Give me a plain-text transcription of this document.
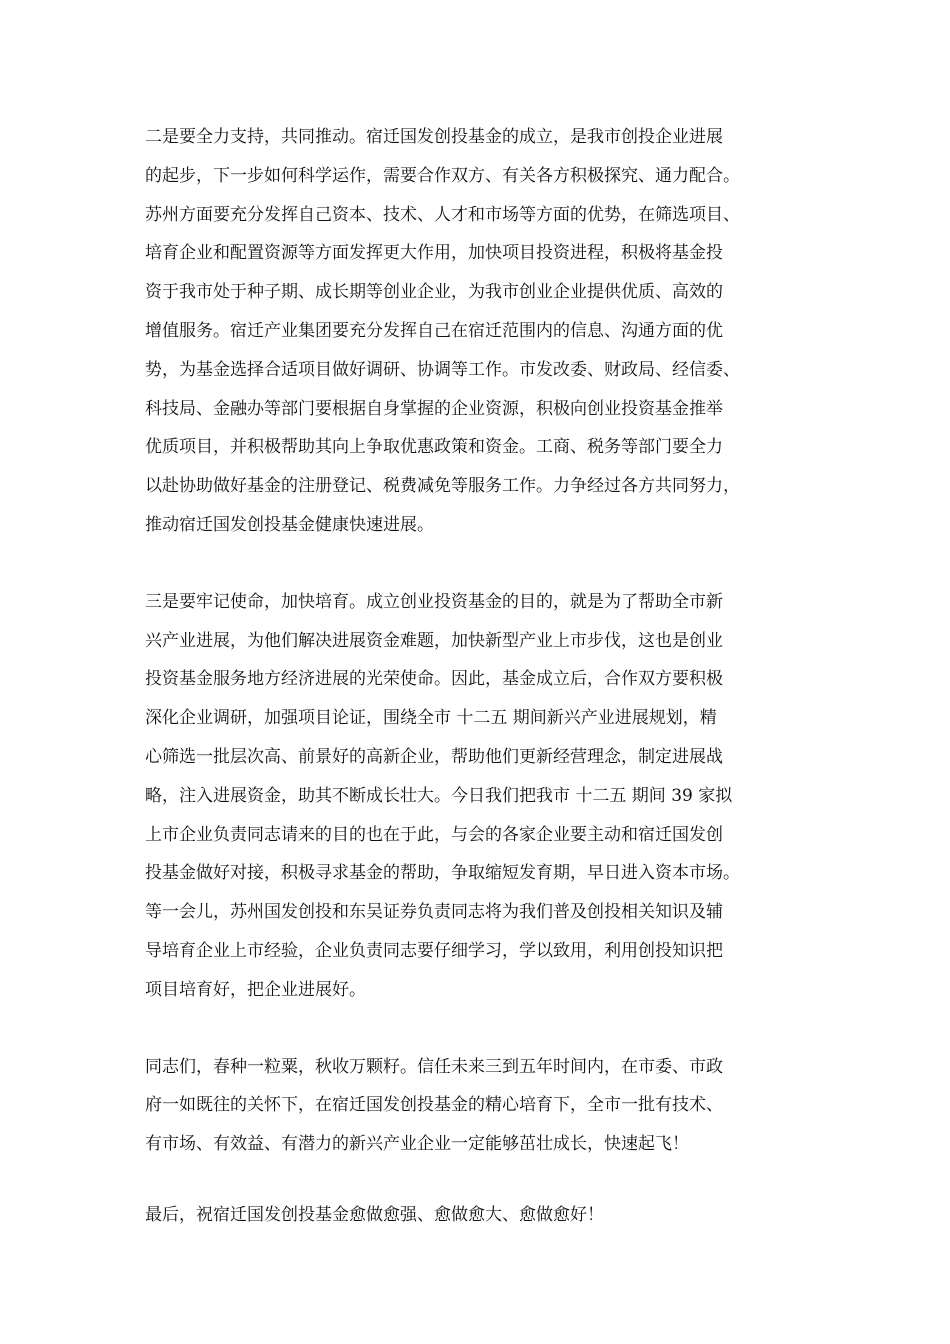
二是要全力支持，共同推动。宿迁国发创投基金的成立，是我市创投企业进展
的起步，下一步如何科学运作，需要合作双方、有关各方积极探究、通力配合。
苏州方面要充分发挥自己资本、技术、人才和市场等方面的优势，在筛选项目、
培育企业和配置资源等方面发挥更大作用，加快项目投资进程，积极将基金投
资于我市处于种子期、成长期等创业企业，为我市创业企业提供优质、高效的
增值服务。宿迁产业集团要充分发挥自己在宿迁范围内的信息、沟通方面的优
势，为基金选择合适项目做好调研、协调等工作。市发改委、财政局、经信委、
科技局、金融办等部门要根据自身掌握的企业资源，积极向创业投资基金推举
优质项目，并积极帮助其向上争取优惠政策和资金。工商、税务等部门要全力
以赴协助做好基金的注册登记、税费减免等服务工作。力争经过各方共同努力，
推动宿迁国发创投基金健康快速进展。

三是要牢记使命，加快培育。成立创业投资基金的目的，就是为了帮助全市新
兴产业进展，为他们解决进展资金难题，加快新型产业上市步伐，这也是创业
投资基金服务地方经济进展的光荣使命。因此，基金成立后，合作双方要积极
深化企业调研，加强项目论证，围绕全市 十二五 期间新兴产业进展规划，精
心筛选一批层次高、前景好的高新企业，帮助他们更新经营理念，制定进展战
略，注入进展资金，助其不断成长壮大。今日我们把我市 十二五 期间 39 家拟
上市企业负责同志请来的目的也在于此，与会的各家企业要主动和宿迁国发创
投基金做好对接，积极寻求基金的帮助，争取缩短发育期，早日进入资本市场。
等一会儿，苏州国发创投和东吴证券负责同志将为我们普及创投相关知识及辅
导培育企业上市经验，企业负责同志要仔细学习，学以致用，利用创投知识把
项目培育好，把企业进展好。

同志们，春种一粒粟，秋收万颗籽。信任未来三到五年时间内，在市委、市政
府一如既往的关怀下，在宿迁国发创投基金的精心培育下，全市一批有技术、
有市场、有效益、有潜力的新兴产业企业一定能够茁壮成长，快速起飞！

最后，祝宿迁国发创投基金愈做愈强、愈做愈大、愈做愈好！
